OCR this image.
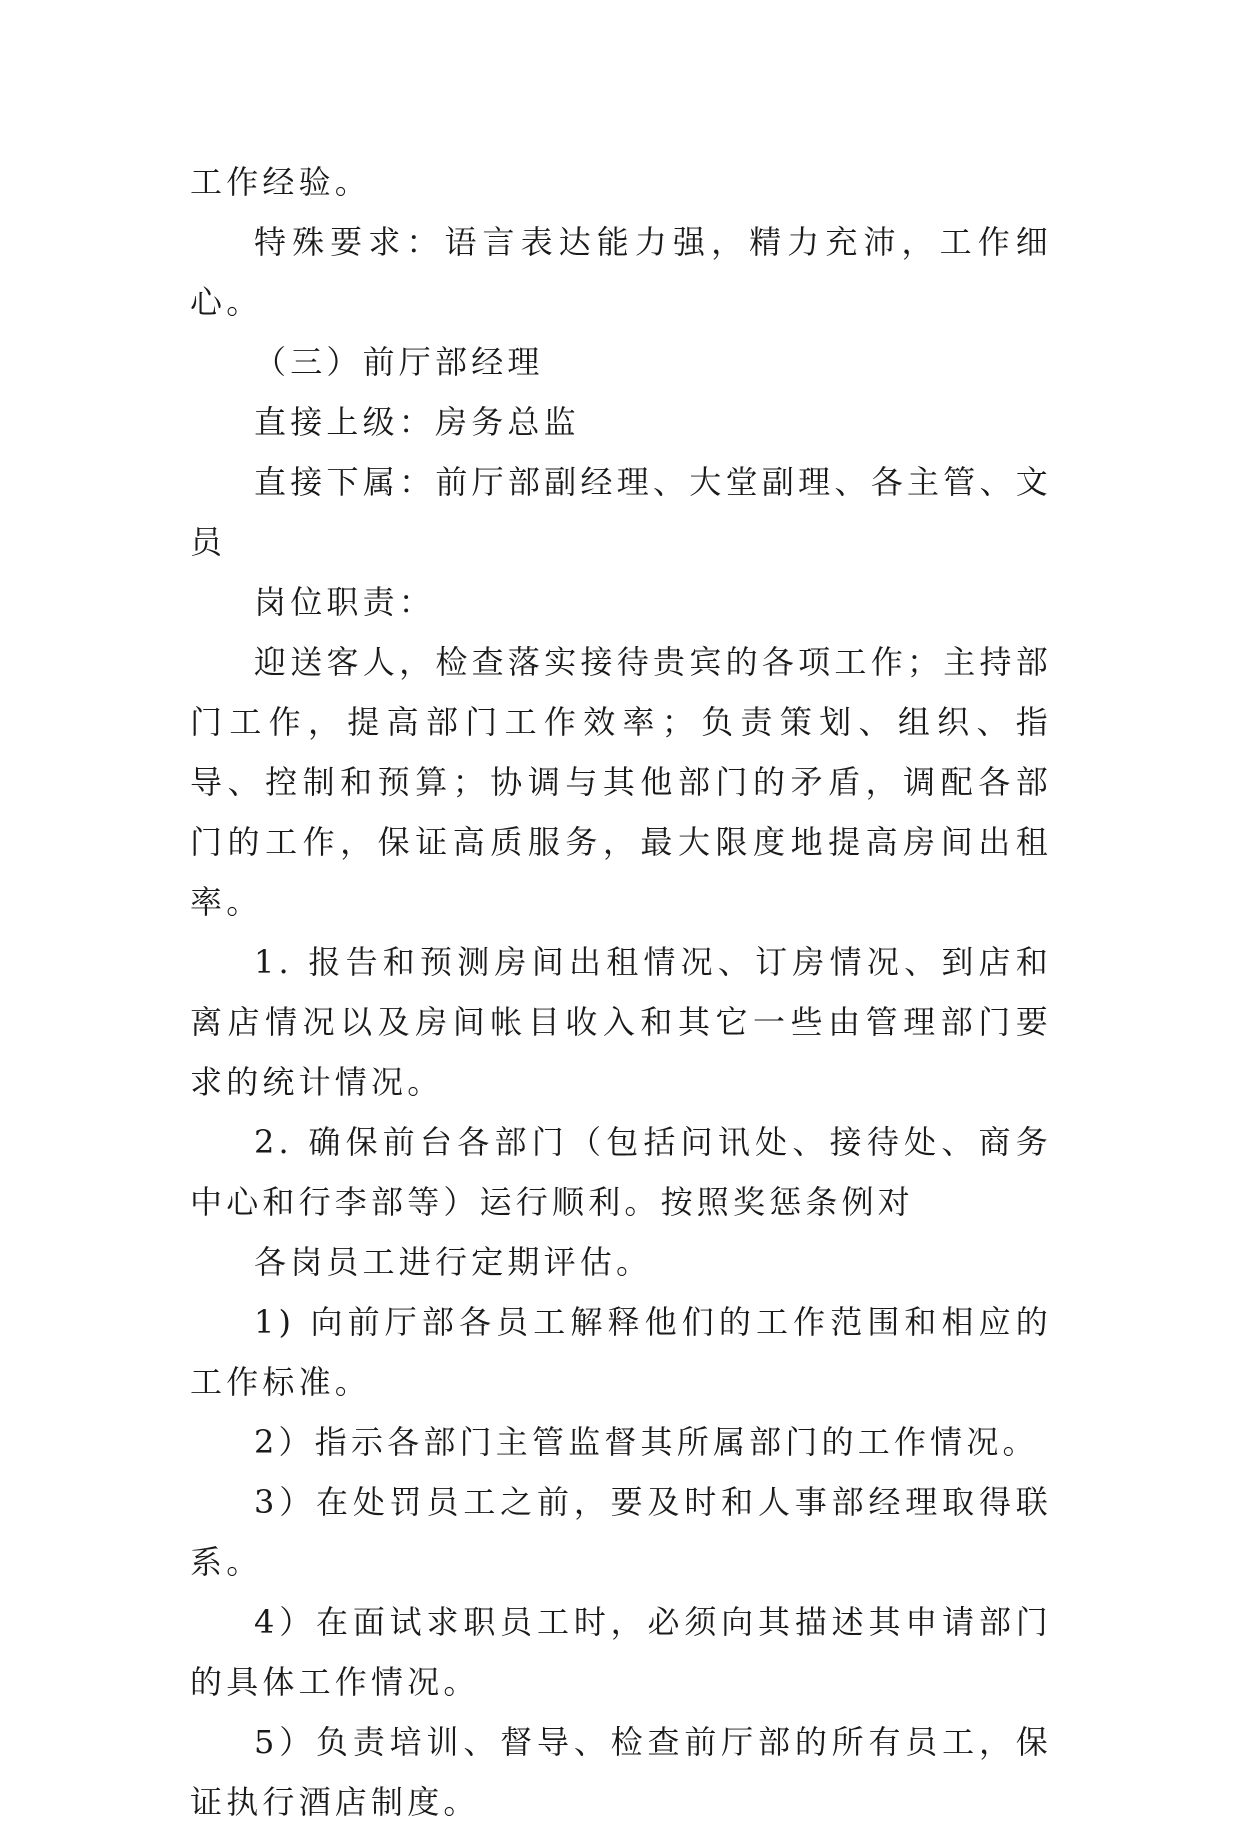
工作经验。

特殊要求：语言表达能力强，精力充沛，工作细心。

（三）前厅部经理

直接上级：房务总监

直接下属：前厅部副经理、大堂副理、各主管、文员

岗位职责：

迎送客人，检查落实接待贵宾的各项工作；主持部门工作，提高部门工作效率；负责策划、组织、指导、控制和预算；协调与其他部门的矛盾，调配各部门的工作，保证高质服务，最大限度地提高房间出租率。

1. 报告和预测房间出租情况、订房情况、到店和离店情况以及房间帐目收入和其它一些由管理部门要求的统计情况。

2. 确保前台各部门（包括问讯处、接待处、商务中心和行李部等）运行顺利。按照奖惩条例对

各岗员工进行定期评估。

1) 向前厅部各员工解释他们的工作范围和相应的工作标准。

2）指示各部门主管监督其所属部门的工作情况。

3）在处罚员工之前，要及时和人事部经理取得联系。

4）在面试求职员工时，必须向其描述其申请部门的具体工作情况。

5）负责培训、督导、检查前厅部的所有员工，保证执行酒店制度。
